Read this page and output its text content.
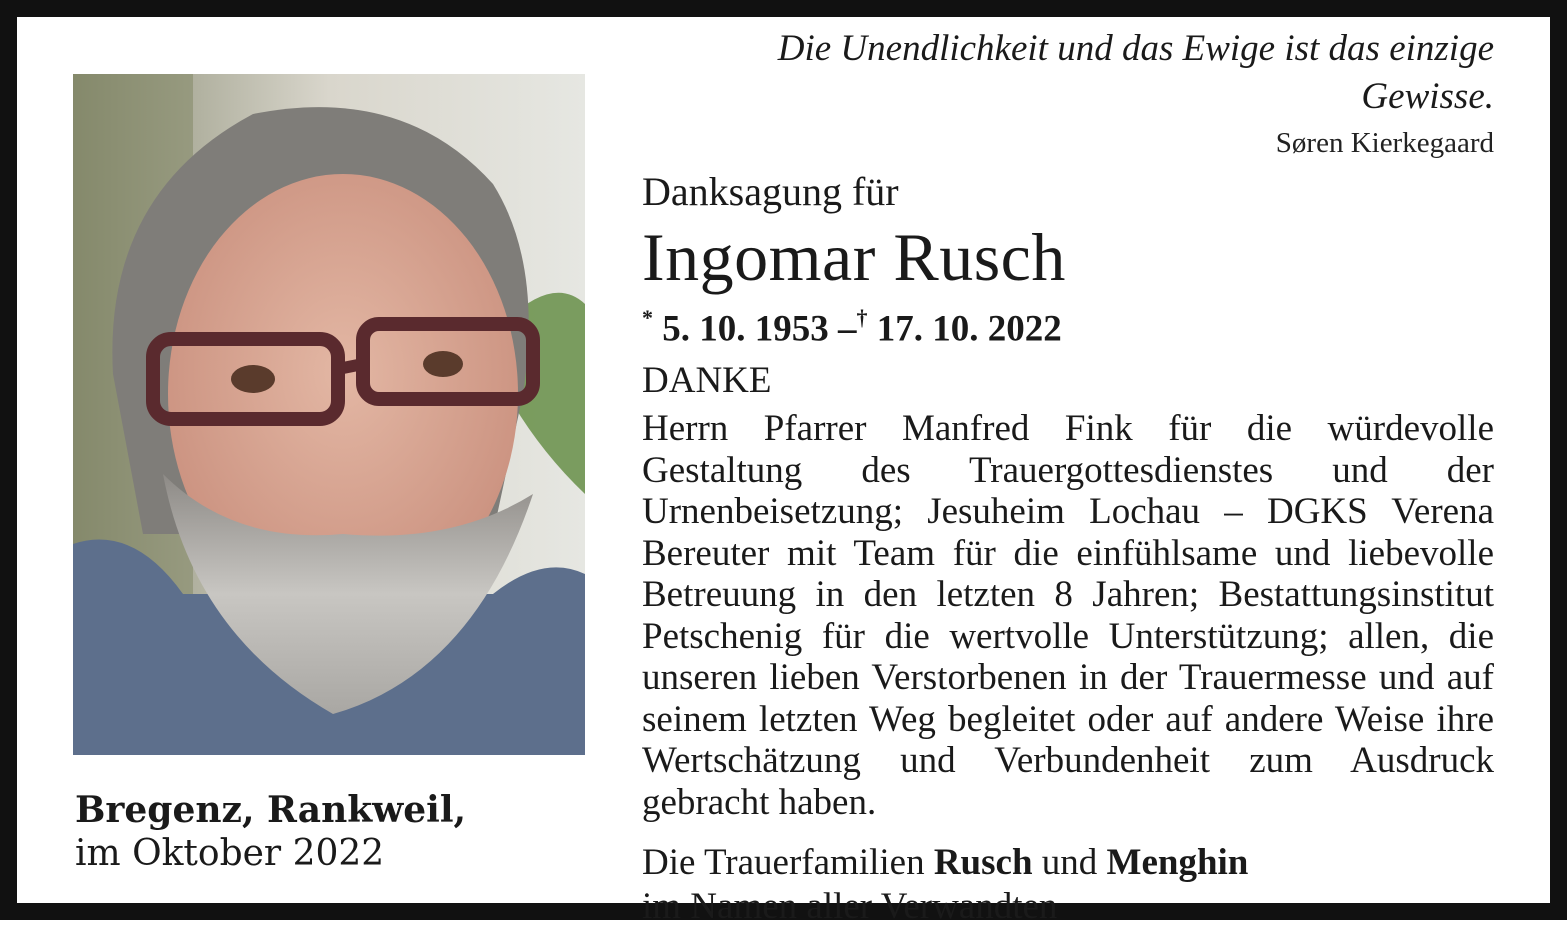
Bregenz, Rankweil,
im Oktober 2022

Die Unendlichkeit und das Ewige ist das einzige Gewisse.

Søren Kierkegaard

Danksagung für

Ingomar Rusch

* 5. 10. 1953 –† 17. 10. 2022

DANKE

Herrn Pfarrer Manfred Fink für die würdevolle Gestaltung des Trauergottesdienstes und der Urnenbeisetzung; Jesuheim Lochau – DGKS Verena Bereuter mit Team für die einfühlsame und liebevolle Betreuung in den letzten 8 Jahren; Bestattungsinstitut Petschenig für die wertvolle Unterstützung; allen, die unseren lieben Verstorbenen in der Trauermesse und auf seinem letzten Weg begleitet oder auf andere Weise ihre Wertschätzung und Verbundenheit zum Ausdruck gebracht haben.

Die Trauerfamilien Rusch und Menghin
im Namen aller Verwandten
